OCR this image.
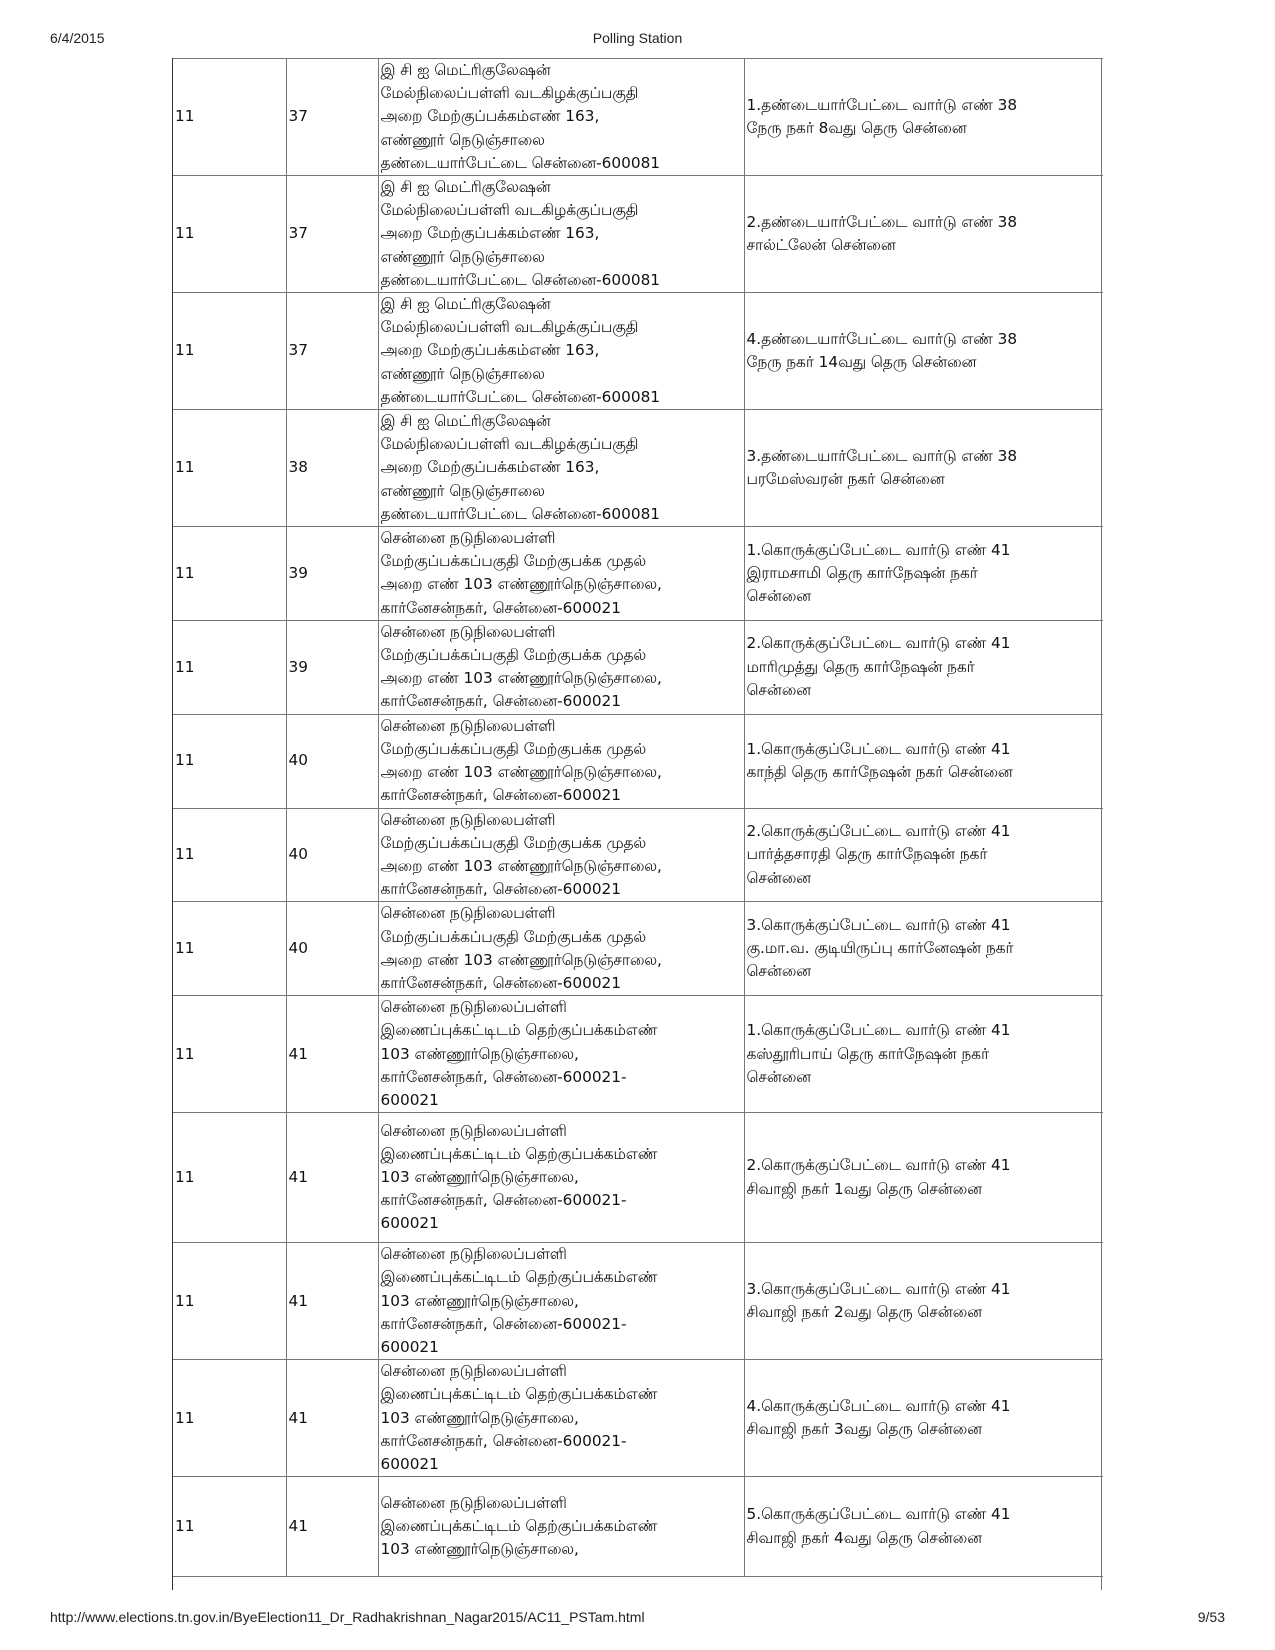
6/4/2015	Polling Station
11	37	இ சி ஐ மெட்ரிகுலேஷன்
மேல்நிலைப்பள்ளி வடகிழக்குப்பகுதி
அறை மேற்குப்பக்கம்எண் 163,
எண்ணூர் நெடுஞ்சாலை
தண்டையார்பேட்டை சென்னை-600081	1.தண்டையார்பேட்டை வார்டு எண் 38
நேரு நகர் 8வது தெரு சென்னை
11	37	இ சி ஐ மெட்ரிகுலேஷன்
மேல்நிலைப்பள்ளி வடகிழக்குப்பகுதி
அறை மேற்குப்பக்கம்எண் 163,
எண்ணூர் நெடுஞ்சாலை
தண்டையார்பேட்டை சென்னை-600081	2.தண்டையார்பேட்டை வார்டு எண் 38
சால்ட்லேன் சென்னை
11	37	இ சி ஐ மெட்ரிகுலேஷன்
மேல்நிலைப்பள்ளி வடகிழக்குப்பகுதி
அறை மேற்குப்பக்கம்எண் 163,
எண்ணூர் நெடுஞ்சாலை
தண்டையார்பேட்டை சென்னை-600081	4.தண்டையார்பேட்டை வார்டு எண் 38
நேரு நகர் 14வது தெரு சென்னை
11	38	இ சி ஐ மெட்ரிகுலேஷன்
மேல்நிலைப்பள்ளி வடகிழக்குப்பகுதி
அறை மேற்குப்பக்கம்எண் 163,
எண்ணூர் நெடுஞ்சாலை
தண்டையார்பேட்டை சென்னை-600081	3.தண்டையார்பேட்டை வார்டு எண் 38
பரமேஸ்வரன் நகர் சென்னை
11	39	சென்னை நடுநிலைபள்ளி
மேற்குப்பக்கப்பகுதி மேற்குபக்க முதல்
அறை எண் 103 எண்ணூர்நெடுஞ்சாலை,
கார்னேசன்நகர், சென்னை-600021	1.கொருக்குப்பேட்டை வார்டு எண் 41
இராமசாமி தெரு கார்நேஷன் நகர்
சென்னை
11	39	சென்னை நடுநிலைபள்ளி
மேற்குப்பக்கப்பகுதி மேற்குபக்க முதல்
அறை எண் 103 எண்ணூர்நெடுஞ்சாலை,
கார்னேசன்நகர், சென்னை-600021	2.கொருக்குப்பேட்டை வார்டு எண் 41
மாரிமுத்து தெரு கார்நேஷன் நகர்
சென்னை
11	40	சென்னை நடுநிலைபள்ளி
மேற்குப்பக்கப்பகுதி மேற்குபக்க முதல்
அறை எண் 103 எண்ணூர்நெடுஞ்சாலை,
கார்னேசன்நகர், சென்னை-600021	1.கொருக்குப்பேட்டை வார்டு எண் 41
காந்தி தெரு கார்நேஷன் நகர் சென்னை
11	40	சென்னை நடுநிலைபள்ளி
மேற்குப்பக்கப்பகுதி மேற்குபக்க முதல்
அறை எண் 103 எண்ணூர்நெடுஞ்சாலை,
கார்னேசன்நகர், சென்னை-600021	2.கொருக்குப்பேட்டை வார்டு எண் 41
பார்த்தசாரதி தெரு கார்நேஷன் நகர்
சென்னை
11	40	சென்னை நடுநிலைபள்ளி
மேற்குப்பக்கப்பகுதி மேற்குபக்க முதல்
அறை எண் 103 எண்ணூர்நெடுஞ்சாலை,
கார்னேசன்நகர், சென்னை-600021	3.கொருக்குப்பேட்டை வார்டு எண் 41
கு.மா.வ. குடியிருப்பு கார்னேஷன் நகர்
சென்னை
11	41	சென்னை நடுநிலைப்பள்ளி
இணைப்புக்கட்டிடம் தெற்குப்பக்கம்எண்
103 எண்ணூர்நெடுஞ்சாலை,
கார்னேசன்நகர், சென்னை-600021-
600021	1.கொருக்குப்பேட்டை வார்டு எண் 41
கஸ்தூரிபாய் தெரு கார்நேஷன் நகர்
சென்னை
11	41	சென்னை நடுநிலைப்பள்ளி
இணைப்புக்கட்டிடம் தெற்குப்பக்கம்எண்
103 எண்ணூர்நெடுஞ்சாலை,
கார்னேசன்நகர், சென்னை-600021-
600021	2.கொருக்குப்பேட்டை வார்டு எண் 41
சிவாஜி நகர் 1வது தெரு சென்னை
11	41	சென்னை நடுநிலைப்பள்ளி
இணைப்புக்கட்டிடம் தெற்குப்பக்கம்எண்
103 எண்ணூர்நெடுஞ்சாலை,
கார்னேசன்நகர், சென்னை-600021-
600021	3.கொருக்குப்பேட்டை வார்டு எண் 41
சிவாஜி நகர் 2வது தெரு சென்னை
11	41	சென்னை நடுநிலைப்பள்ளி
இணைப்புக்கட்டிடம் தெற்குப்பக்கம்எண்
103 எண்ணூர்நெடுஞ்சாலை,
கார்னேசன்நகர், சென்னை-600021-
600021	4.கொருக்குப்பேட்டை வார்டு எண் 41
சிவாஜி நகர் 3வது தெரு சென்னை
11	41	சென்னை நடுநிலைப்பள்ளி
இணைப்புக்கட்டிடம் தெற்குப்பக்கம்எண்
103 எண்ணூர்நெடுஞ்சாலை,	5.கொருக்குப்பேட்டை வார்டு எண் 41
சிவாஜி நகர் 4வது தெரு சென்னை
http://www.elections.tn.gov.in/ByeElection11_Dr_Radhakrishnan_Nagar2015/AC11_PSTam.html	9/53
